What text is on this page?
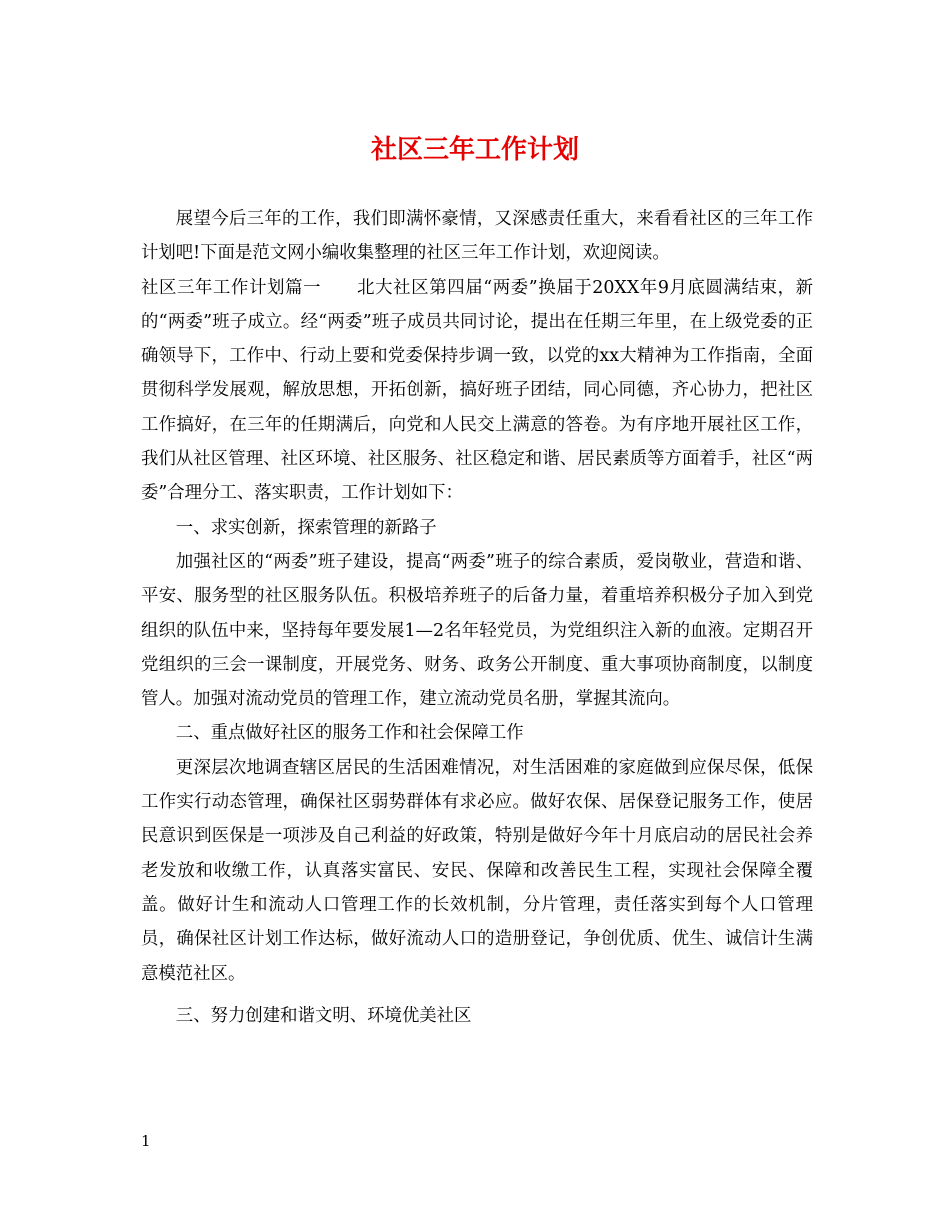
社区三年工作计划

展望今后三年的工作，我们即满怀豪情，又深感责任重大，来看看社区的三年工作计划吧!下面是范文网小编收集整理的社区三年工作计划，欢迎阅读。

社区三年工作计划篇一　　北大社区第四届“两委”换届于20XX年9月底圆满结束，新的“两委”班子成立。经“两委”班子成员共同讨论，提出在任期三年里，在上级党委的正确领导下，工作中、行动上要和党委保持步调一致，以党的xx大精神为工作指南，全面贯彻科学发展观，解放思想，开拓创新，搞好班子团结，同心同德，齐心协力，把社区工作搞好，在三年的任期满后，向党和人民交上满意的答卷。为有序地开展社区工作，我们从社区管理、社区环境、社区服务、社区稳定和谐、居民素质等方面着手，社区“两委”合理分工、落实职责，工作计划如下：

一、求实创新，探索管理的新路子

加强社区的“两委”班子建设，提高“两委”班子的综合素质，爱岗敬业，营造和谐、平安、服务型的社区服务队伍。积极培养班子的后备力量，着重培养积极分子加入到党组织的队伍中来，坚持每年要发展1—2名年轻党员，为党组织注入新的血液。定期召开党组织的三会一课制度，开展党务、财务、政务公开制度、重大事项协商制度，以制度管人。加强对流动党员的管理工作，建立流动党员名册，掌握其流向。

二、重点做好社区的服务工作和社会保障工作

更深层次地调查辖区居民的生活困难情况，对生活困难的家庭做到应保尽保，低保工作实行动态管理，确保社区弱势群体有求必应。做好农保、居保登记服务工作，使居民意识到医保是一项涉及自己利益的好政策，特别是做好今年十月底启动的居民社会养老发放和收缴工作，认真落实富民、安民、保障和改善民生工程，实现社会保障全覆盖。做好计生和流动人口管理工作的长效机制，分片管理，责任落实到每个人口管理员，确保社区计划工作达标，做好流动人口的造册登记，争创优质、优生、诚信计生满意模范社区。

三、努力创建和谐文明、环境优美社区

1
